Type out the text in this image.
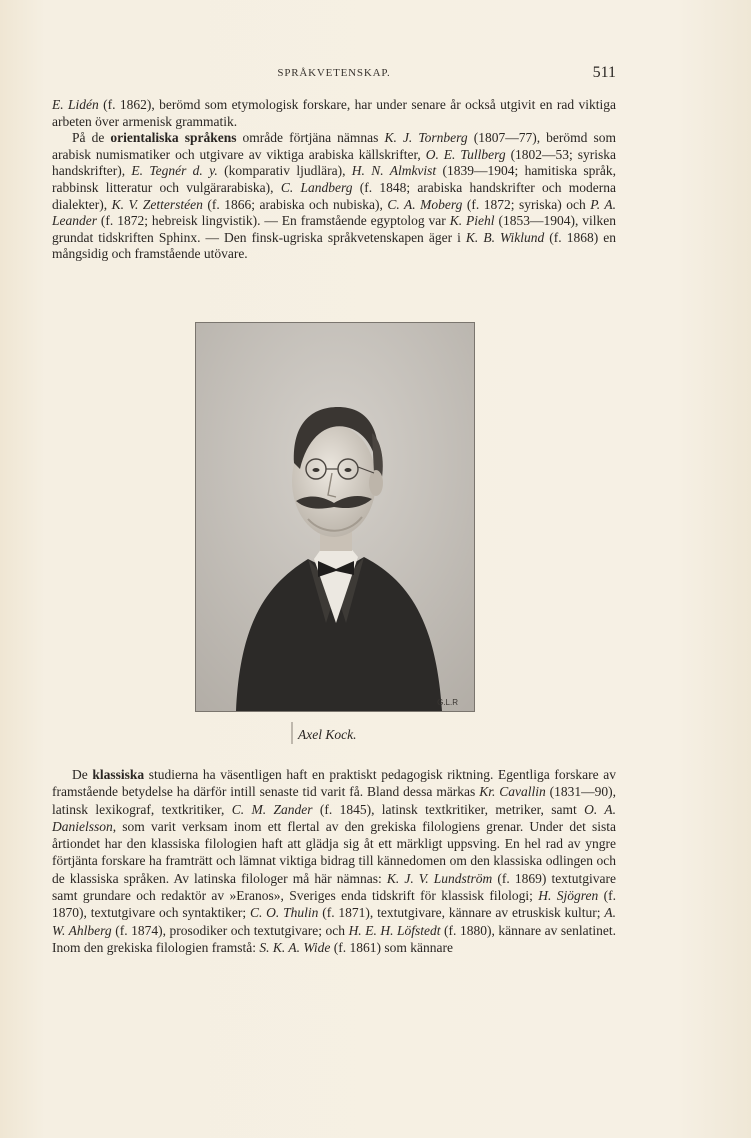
SPRÅKVETENSKAP.	511

E. Lidén (f. 1862), berömd som etymologisk forskare, har under senare år också utgivit en rad viktiga arbeten över armenisk grammatik.

På de orientaliska språkens område förtjäna nämnas K. J. Tornberg (1807—77), berömd som arabisk numismatiker och utgivare av viktiga arabiska källskrifter, O. E. Tullberg (1802—53; syriska handskrifter), E. Tegnér d. y. (komparativ ljudlära), H. N. Almkvist (1839—1904; hamitiska språk, rabbinsk litteratur och vulgärarabiska), C. Landberg (f. 1848; arabiska handskrifter och moderna dialekter), K. V. Zetterstéen (f. 1866; arabiska och nubiska), C. A. Moberg (f. 1872; syriska) och P. A. Leander (f. 1872; hebreisk lingvistik). — En framstående egyptolog var K. Piehl (1853—1904), vilken grundat tidskriften Sphinx. — Den finsk-ugriska språkvetenskapen äger i K. B. Wiklund (f. 1868) en mångsidig och framstående utövare.

G.L.R
Axel Kock.

De klassiska studierna ha väsentligen haft en praktiskt pedagogisk riktning. Egentliga forskare av framstående betydelse ha därför intill senaste tid varit få. Bland dessa märkas Kr. Cavallin (1831—90), latinsk lexikograf, textkritiker, C. M. Zander (f. 1845), latinsk textkritiker, metriker, samt O. A. Danielsson, som varit verksam inom ett flertal av den grekiska filologiens grenar. Under det sista årtiondet har den klassiska filologien haft att glädja sig åt ett märkligt uppsving. En hel rad av yngre förtjänta forskare ha framträtt och lämnat viktiga bidrag till kännedomen om den klassiska odlingen och de klassiska språken. Av latinska filologer må här nämnas: K. J. V. Lundström (f. 1869) textutgivare samt grundare och redaktör av »Eranos», Sveriges enda tidskrift för klassisk filologi; H. Sjögren (f. 1870), textutgivare och syntaktiker; C. O. Thulin (f. 1871), textutgivare, kännare av etruskisk kultur; A. W. Ahlberg (f. 1874), prosodiker och textutgivare; och H. E. H. Löfstedt (f. 1880), kännare av senlatinet. Inom den grekiska filologien framstå: S. K. A. Wide (f. 1861) som kännare
